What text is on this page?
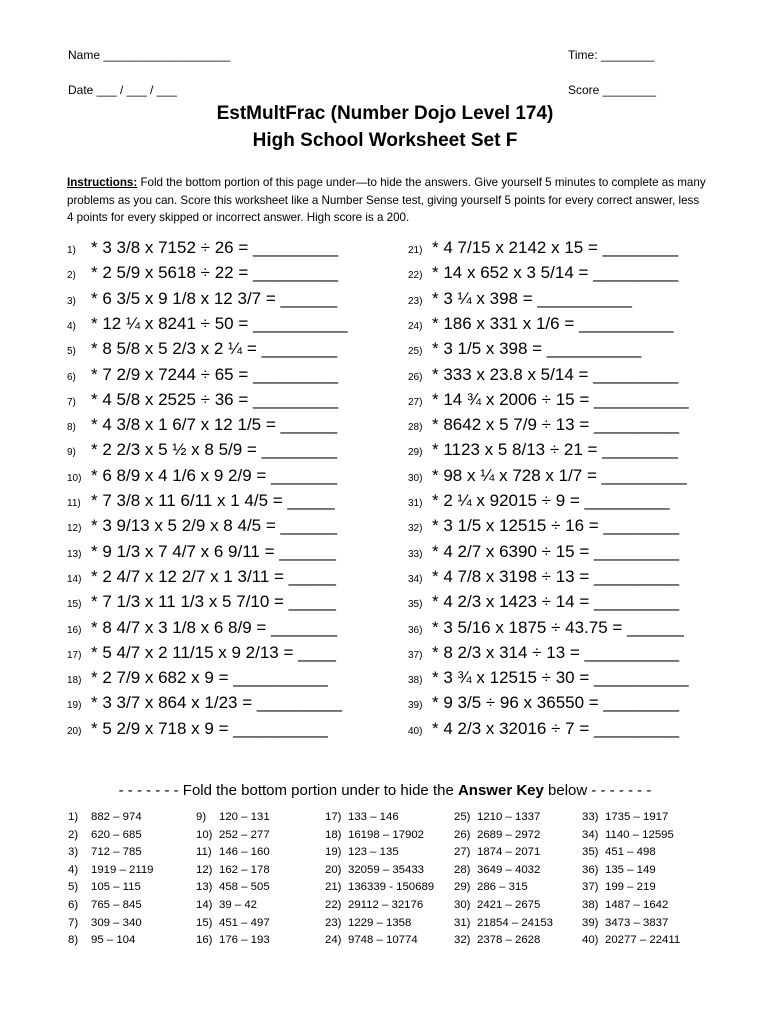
Name ___________________	Time: ________
Date ___ / ___ / ___	Score ________
EstMultFrac (Number Dojo Level 174)
High School Worksheet Set F
Instructions: Fold the bottom portion of this page under—to hide the answers. Give yourself 5 minutes to complete as many problems as you can. Score this worksheet like a Number Sense test, giving yourself 5 points for every correct answer, less 4 points for every skipped or incorrect answer. High score is a 200.
1) * 3 3/8 x 7152 ÷ 26 = _________
2) * 2 5/9 x 5618 ÷ 22 = _________
3) * 6 3/5 x 9 1/8 x 12 3/7 = ______
4) * 12 ¼ x 8241 ÷ 50 = __________
5) * 8 5/8 x 5 2/3 x 2 ¼ = ________
6) * 7 2/9 x 7244 ÷ 65 = _________
7) * 4 5/8 x 2525 ÷ 36 = _________
8) * 4 3/8 x 1 6/7 x 12 1/5 = ______
9) * 2 2/3 x 5 ½ x 8 5/9 = ________
10) * 6 8/9 x 4 1/6 x 9 2/9 = _______
11) * 7 3/8 x 11 6/11 x 1 4/5 = _____
12) * 3 9/13 x 5 2/9 x 8 4/5 = ______
13) * 9 1/3 x 7 4/7 x 6 9/11 = ______
14) * 2 4/7 x 12 2/7 x 1 3/11 = _____
15) * 7 1/3 x 11 1/3 x 5 7/10 = _____
16) * 8 4/7 x 3 1/8 x 6 8/9 = _______
17) * 5 4/7 x 2 11/15 x 9 2/13 = ____
18) * 2 7/9 x 682 x 9 = __________
19) * 3 3/7 x 864 x 1/23 = _________
20) * 5 2/9 x 718 x 9 = __________
21) * 4 7/15 x 2142 x 15 = ________
22) * 14 x 652 x 3 5/14 = _________
23) * 3 ¼ x 398 = __________
24) * 186 x 331 x 1/6 = __________
25) * 3 1/5 x 398 = __________
26) * 333 x 23.8 x 5/14 = _________
27) * 14 ¾ x 2006 ÷ 15 = __________
28) * 8642 x 5 7/9 ÷ 13 = _________
29) * 1123 x 5 8/13 ÷ 21 = ________
30) * 98 x ¼ x 728 x 1/7 = _________
31) * 2 ¼ x 92015 ÷ 9 = _________
32) * 3 1/5 x 12515 ÷ 16 = ________
33) * 4 2/7 x 6390 ÷ 15 = _________
34) * 4 7/8 x 3198 ÷ 13 = _________
35) * 4 2/3 x 1423 ÷ 14 = _________
36) * 3 5/16 x 1875 ÷ 43.75 = ______
37) * 8 2/3 x 314 ÷ 13 = __________
38) * 3 ¾ x 12515 ÷ 30 = __________
39) * 9 3/5 ÷ 96 x 36550 = ________
40) * 4 2/3 x 32016 ÷ 7 = _________
- - - - - - - Fold the bottom portion under to hide the Answer Key below - - - - - - -
1) 882 – 974
2) 620 – 685
3) 712 – 785
4) 1919 – 2119
5) 105 – 115
6) 765 – 845
7) 309 – 340
8) 95 – 104
9) 120 – 131
10) 252 – 277
11) 146 – 160
12) 162 – 178
13) 458 – 505
14) 39 – 42
15) 451 – 497
16) 176 – 193
17) 133 – 146
18) 16198 – 17902
19) 123 – 135
20) 32059 – 35433
21) 136339 - 150689
22) 29112 – 32176
23) 1229 – 1358
24) 9748 – 10774
25) 1210 – 1337
26) 2689 – 2972
27) 1874 – 2071
28) 3649 – 4032
29) 286 – 315
30) 2421 – 2675
31) 21854 – 24153
32) 2378 – 2628
33) 1735 – 1917
34) 1140 – 12595
35) 451 – 498
36) 135 – 149
37) 199 – 219
38) 1487 – 1642
39) 3473 – 3837
40) 20277 – 22411
